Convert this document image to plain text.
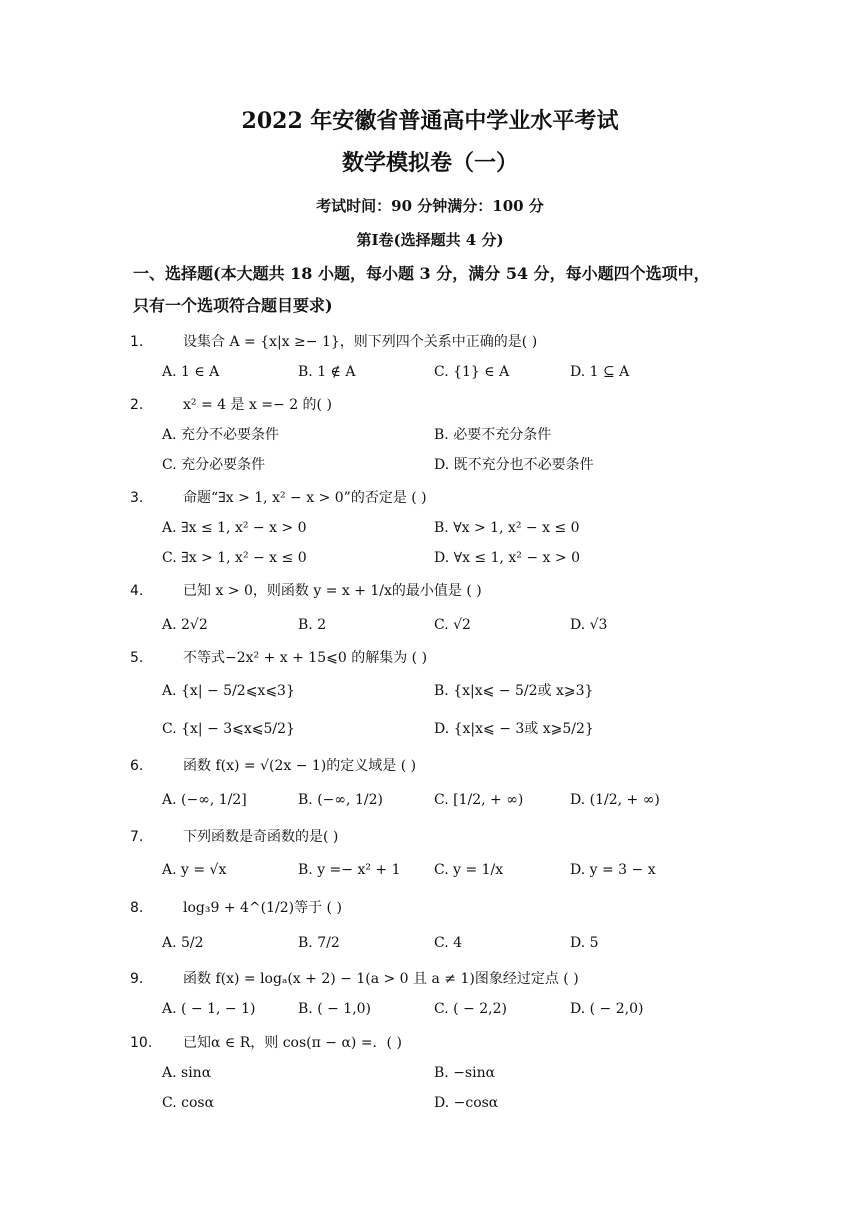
2022 年安徽省普通高中学业水平考试
数学模拟卷（一）
考试时间：90 分钟满分：100 分
第Ⅰ卷(选择题共 4 分)
一、选择题(本大题共 18 小题，每小题 3 分，满分 54 分，每小题四个选项中，
只有一个选项符合题目要求)
1.	设集合 A = {x|x ≥− 1}，则下列四个关系中正确的是( )
A. 1 ∈ A	B. 1 ∉ A	C. {1} ∈ A	D. 1 ⊆ A
2.	x² = 4 是 x =− 2 的( )
A. 充分不必要条件	B. 必要不充分条件
C. 充分必要条件	D. 既不充分也不必要条件
3.	命题“∃x > 1, x² − x > 0”的否定是 ( )
A. ∃x ≤ 1, x² − x > 0	B. ∀x > 1, x² − x ≤ 0
C. ∃x > 1, x² − x ≤ 0	D. ∀x ≤ 1, x² − x > 0
4.	已知 x > 0，则函数 y = x + 1/x的最小值是 ( )
A. 2√2	B. 2	C. √2	D. √3
5.	不等式−2x² + x + 15⩽0 的解集为 ( )
A. {x| − 5/2⩽x⩽3}	B. {x|x⩽ − 5/2或 x⩾3}
C. {x| − 3⩽x⩽5/2}	D. {x|x⩽ − 3或 x⩾5/2}
6.	函数 f(x) = √(2x − 1)的定义域是 ( )
A. (−∞, 1/2]	B. (−∞, 1/2)	C. [1/2, + ∞)	D. (1/2, + ∞)
7.	下列函数是奇函数的是( )
A. y = √x	B. y =− x² + 1 C. y = 1/x	D. y = 3 − x
8.	log₃9 + 4^(1/2)等于 ( )
A. 5/2	B. 7/2	C. 4	D. 5
9.	函数 f(x) = logₐ(x + 2) − 1(a > 0 且 a ≠ 1)图象经过定点 ( )
A. ( − 1, − 1)	B. ( − 1,0)	C. ( − 2,2)	D. ( − 2,0)
10.	已知α ∈ R，则 cos(π − α) =．( )
A. sinα	B. −sinα
C. cosα	D. −cosα
